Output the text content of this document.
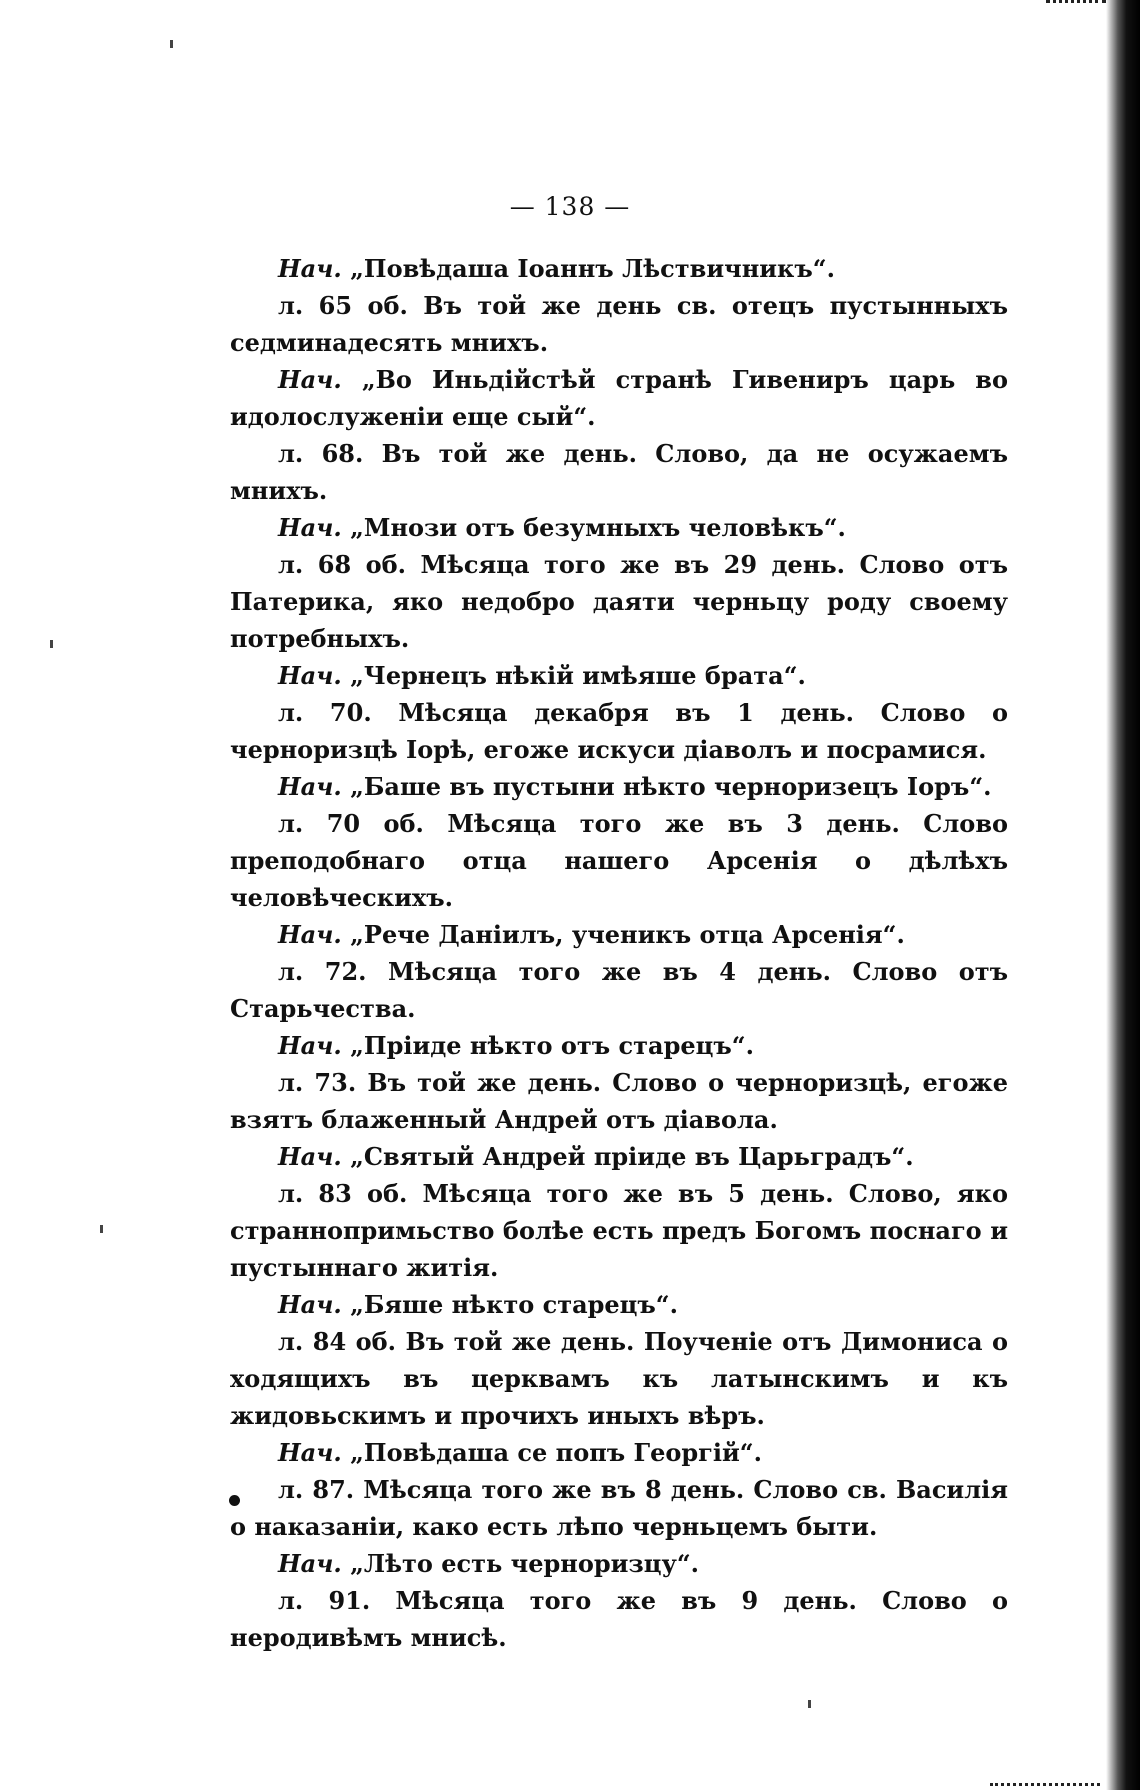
— 138 —

Нач. „Повѣдаша Іоаннъ Лѣствичникъ“.

л. 65 об. Въ той же день св. отецъ пустынныхъ седминадесять мнихъ.

Нач. „Во Иньдійстѣй странѣ Гивениръ царь во идолослуженіи еще сый“.

л. 68. Въ той же день. Слово, да не осужаемъ мнихъ.

Нач. „Мнози отъ безумныхъ человѣкъ“.

л. 68 об. Мѣсяца того же въ 29 день. Слово отъ Патерика, яко недобро даяти черньцу роду своему потребныхъ.

Нач. „Чернецъ нѣкій имѣяше брата“.

л. 70. Мѣсяца декабря въ 1 день. Слово о черноризцѣ Іорѣ, егоже искуси діаволъ и посрамися.

Нач. „Баше въ пустыни нѣкто черноризецъ Іоръ“.

л. 70 об. Мѣсяца того же въ 3 день. Слово преподобнаго отца нашего Арсенія о дѣлѣхъ человѣческихъ.

Нач. „Рече Даніилъ, ученикъ отца Арсенія“.

л. 72. Мѣсяца того же въ 4 день. Слово отъ Старьчества.

Нач. „Пріиде нѣкто отъ старецъ“.

л. 73. Въ той же день. Слово о черноризцѣ, егоже взятъ блаженный Андрей отъ діавола.

Нач. „Святый Андрей пріиде въ Царьградъ“.

л. 83 об. Мѣсяца того же въ 5 день. Слово, яко страннопримьство болѣе есть предъ Богомъ поснаго и пустыннаго житія.

Нач. „Бяше нѣкто старецъ“.

л. 84 об. Въ той же день. Поученіе отъ Димониса о ходящихъ въ церквамъ къ латынскимъ и къ жидовьскимъ и прочихъ иныхъ вѣръ.

Нач. „Повѣдаша се попъ Георгій“.

л. 87. Мѣсяца того же въ 8 день. Слово св. Василія о наказаніи, како есть лѣпо черньцемъ быти.

Нач. „Лѣто есть черноризцу“.

л. 91. Мѣсяца того же въ 9 день. Слово о неродивѣмъ мнисѣ.
